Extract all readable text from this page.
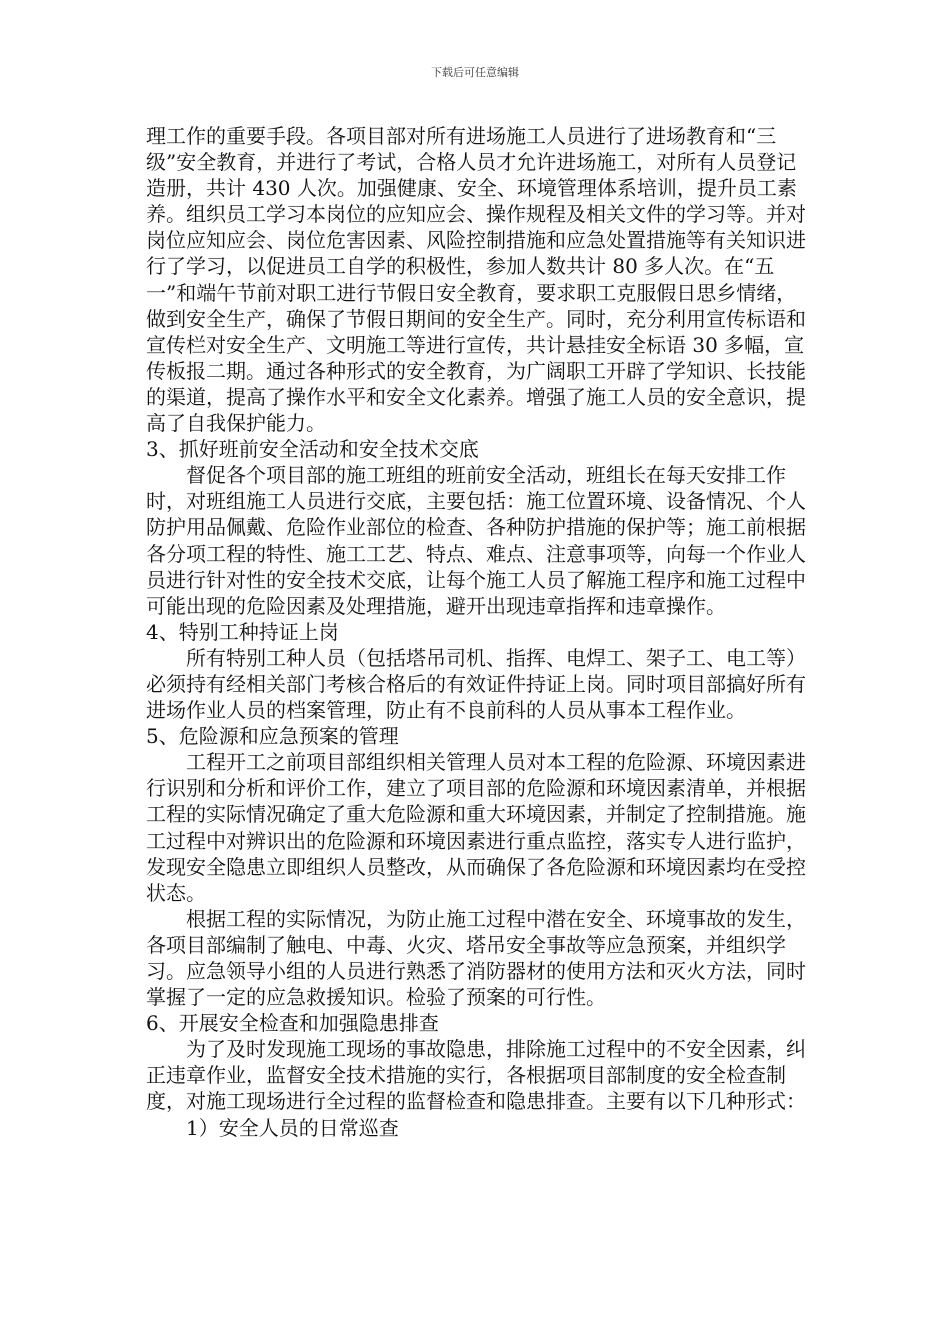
下载后可任意编辑

理工作的重要手段。各项目部对所有进场施工人员进行了进场教育和“三级”安全教育，并进行了考试，合格人员才允许进场施工，对所有人员登记造册，共计 430 人次。加强健康、安全、环境管理体系培训，提升员工素养。组织员工学习本岗位的应知应会、操作规程及相关文件的学习等。并对岗位应知应会、岗位危害因素、风险控制措施和应急处置措施等有关知识进行了学习，以促进员工自学的积极性，参加人数共计 80 多人次。在“五一”和端午节前对职工进行节假日安全教育，要求职工克服假日思乡情绪，做到安全生产，确保了节假日期间的安全生产。同时，充分利用宣传标语和宣传栏对安全生产、文明施工等进行宣传，共计悬挂安全标语 30 多幅，宣传板报二期。通过各种形式的安全教育，为广阔职工开辟了学知识、长技能的渠道，提高了操作水平和安全文化素养。增强了施工人员的安全意识，提高了自我保护能力。

3、抓好班前安全活动和安全技术交底

督促各个项目部的施工班组的班前安全活动，班组长在每天安排工作时，对班组施工人员进行交底，主要包括：施工位置环境、设备情况、个人防护用品佩戴、危险作业部位的检查、各种防护措施的保护等；施工前根据各分项工程的特性、施工工艺、特点、难点、注意事项等，向每一个作业人员进行针对性的安全技术交底，让每个施工人员了解施工程序和施工过程中可能出现的危险因素及处理措施，避开出现违章指挥和违章操作。

4、特别工种持证上岗

所有特别工种人员（包括塔吊司机、指挥、电焊工、架子工、电工等）必须持有经相关部门考核合格后的有效证件持证上岗。同时项目部搞好所有进场作业人员的档案管理，防止有不良前科的人员从事本工程作业。

5、危险源和应急预案的管理

工程开工之前项目部组织相关管理人员对本工程的危险源、环境因素进行识别和分析和评价工作，建立了项目部的危险源和环境因素清单，并根据工程的实际情况确定了重大危险源和重大环境因素，并制定了控制措施。施工过程中对辨识出的危险源和环境因素进行重点监控，落实专人进行监护，发现安全隐患立即组织人员整改，从而确保了各危险源和环境因素均在受控状态。

根据工程的实际情况，为防止施工过程中潜在安全、环境事故的发生，各项目部编制了触电、中毒、火灾、塔吊安全事故等应急预案，并组织学习。应急领导小组的人员进行熟悉了消防器材的使用方法和灭火方法，同时掌握了一定的应急救援知识。检验了预案的可行性。

6、开展安全检查和加强隐患排查

为了及时发现施工现场的事故隐患，排除施工过程中的不安全因素，纠正违章作业，监督安全技术措施的实行，各根据项目部制度的安全检查制度，对施工现场进行全过程的监督检查和隐患排查。主要有以下几种形式：

1）安全人员的日常巡查
